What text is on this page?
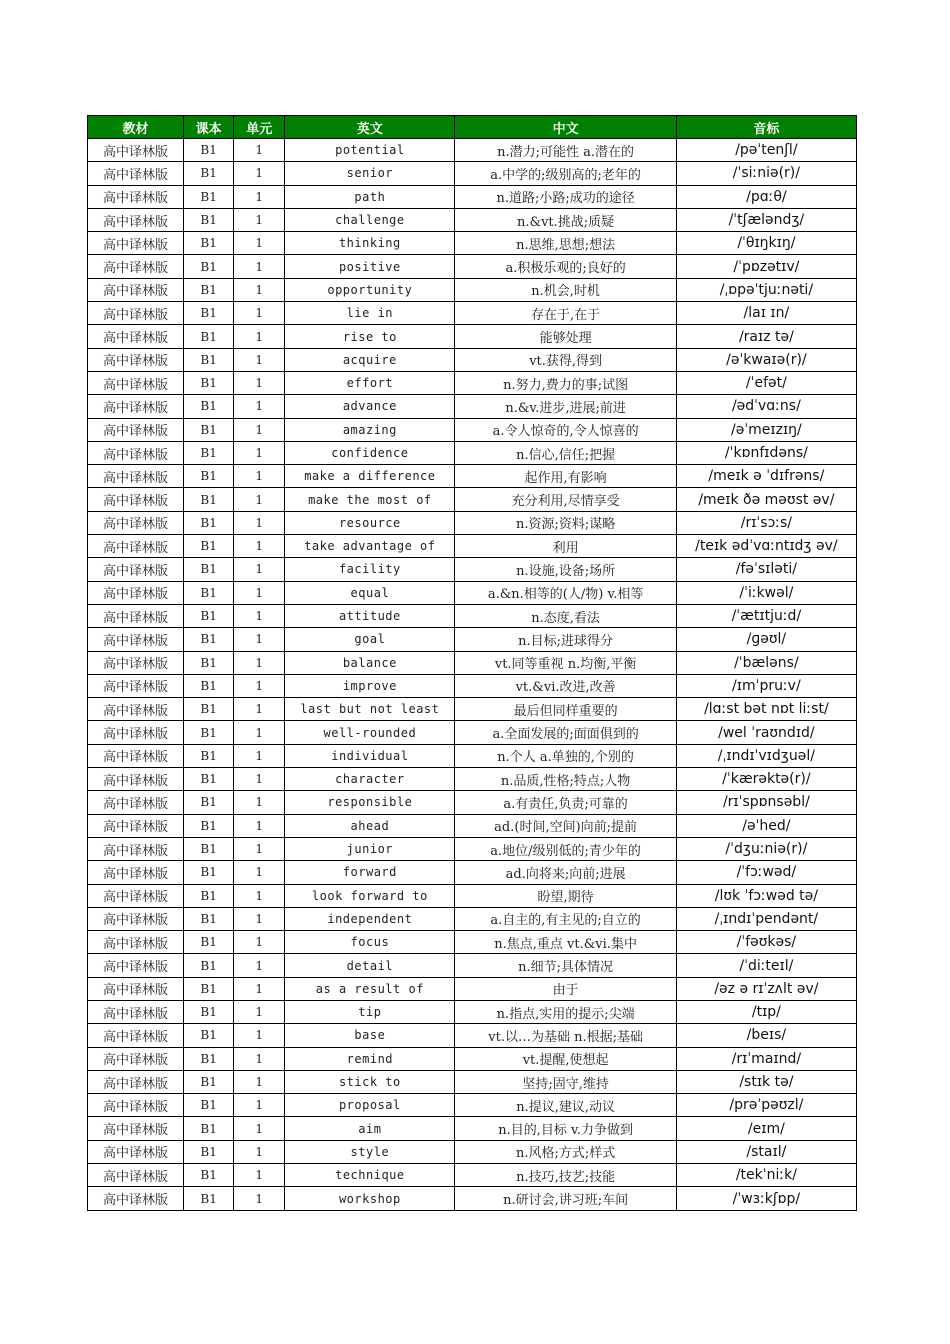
教材	课本	单元	英文	中文	音标
高中译林版	B1	1	potential	n.潜力;可能性 a.潜在的	/pəˈtenʃl/
高中译林版	B1	1	senior	a.中学的;级别高的;老年的	/ˈsiːniə(r)/
高中译林版	B1	1	path	n.道路;小路;成功的途径	/pɑːθ/
高中译林版	B1	1	challenge	n.&vt.挑战;质疑	/ˈtʃæləndʒ/
高中译林版	B1	1	thinking	n.思维,思想;想法	/ˈθɪŋkɪŋ/
高中译林版	B1	1	positive	a.积极乐观的;良好的	/ˈpɒzətɪv/
高中译林版	B1	1	opportunity	n.机会,时机	/ˌɒpəˈtjuːnəti/
高中译林版	B1	1	lie in	存在于,在于	/laɪ ɪn/
高中译林版	B1	1	rise to	能够处理	/raɪz tə/
高中译林版	B1	1	acquire	vt.获得,得到	/əˈkwaɪə(r)/
高中译林版	B1	1	effort	n.努力,费力的事;试图	/ˈefət/
高中译林版	B1	1	advance	n.&v.进步,进展;前进	/ədˈvɑːns/
高中译林版	B1	1	amazing	a.令人惊奇的,令人惊喜的	/əˈmeɪzɪŋ/
高中译林版	B1	1	confidence	n.信心,信任;把握	/ˈkɒnfɪdəns/
高中译林版	B1	1	make a difference	起作用,有影响	/meɪk ə ˈdɪfrəns/
高中译林版	B1	1	make the most of	充分利用,尽情享受	/meɪk ðə məʊst əv/
高中译林版	B1	1	resource	n.资源;资料;谋略	/rɪˈsɔːs/
高中译林版	B1	1	take advantage of	利用	/teɪk ədˈvɑːntɪdʒ əv/
高中译林版	B1	1	facility	n.设施,设备;场所	/fəˈsɪləti/
高中译林版	B1	1	equal	a.&n.相等的(人/物) v.相等	/ˈiːkwəl/
高中译林版	B1	1	attitude	n.态度,看法	/ˈætɪtjuːd/
高中译林版	B1	1	goal	n.目标;进球得分	/ɡəʊl/
高中译林版	B1	1	balance	vt.同等重视 n.均衡,平衡	/ˈbæləns/
高中译林版	B1	1	improve	vt.&vi.改进,改善	/ɪmˈpruːv/
高中译林版	B1	1	last but not least	最后但同样重要的	/lɑːst bət nɒt liːst/
高中译林版	B1	1	well-rounded	a.全面发展的;面面俱到的	/wel ˈraʊndɪd/
高中译林版	B1	1	individual	n.个人 a.单独的,个别的	/ˌɪndɪˈvɪdʒuəl/
高中译林版	B1	1	character	n.品质,性格;特点;人物	/ˈkærəktə(r)/
高中译林版	B1	1	responsible	a.有责任,负责;可靠的	/rɪˈspɒnsəbl/
高中译林版	B1	1	ahead	ad.(时间,空间)向前;提前	/əˈhed/
高中译林版	B1	1	junior	a.地位/级别低的;青少年的	/ˈdʒuːniə(r)/
高中译林版	B1	1	forward	ad.向将来;向前;进展	/ˈfɔːwəd/
高中译林版	B1	1	look forward to	盼望,期待	/lʊk ˈfɔːwəd tə/
高中译林版	B1	1	independent	a.自主的,有主见的;自立的	/ˌɪndɪˈpendənt/
高中译林版	B1	1	focus	n.焦点,重点 vt.&vi.集中	/ˈfəʊkəs/
高中译林版	B1	1	detail	n.细节;具体情况	/ˈdiːteɪl/
高中译林版	B1	1	as a result of	由于	/əz ə rɪˈzʌlt əv/
高中译林版	B1	1	tip	n.指点,实用的提示;尖端	/tɪp/
高中译林版	B1	1	base	vt.以…为基础 n.根据;基础	/beɪs/
高中译林版	B1	1	remind	vt.提醒,使想起	/rɪˈmaɪnd/
高中译林版	B1	1	stick to	坚持;固守,维持	/stɪk tə/
高中译林版	B1	1	proposal	n.提议,建议,动议	/prəˈpəʊzl/
高中译林版	B1	1	aim	n.目的,目标 v.力争做到	/eɪm/
高中译林版	B1	1	style	n.风格;方式;样式	/staɪl/
高中译林版	B1	1	technique	n.技巧,技艺;技能	/tekˈniːk/
高中译林版	B1	1	workshop	n.研讨会,讲习班;车间	/ˈwɜːkʃɒp/
